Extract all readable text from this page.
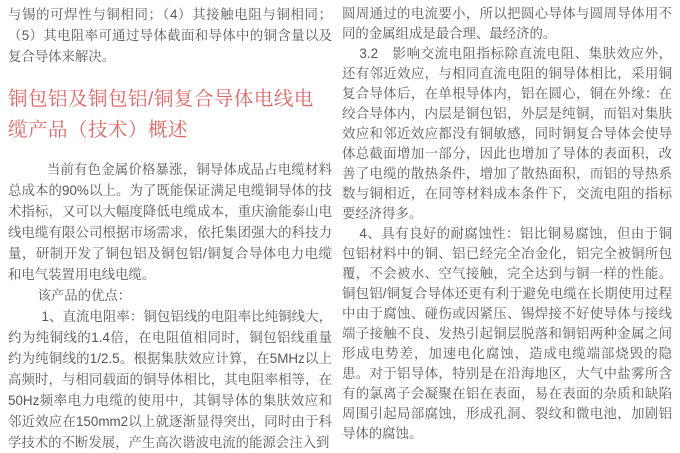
与锡的可焊性与铜相同；（4）其接触电阻与铜相同；（5）其电阻率可通过导体截面和导体中的铜含量以及复合导体来解决。

铜包铝及铜包铝/铜复合导体电线电缆产品（技术）概述

当前有色金属价格暴涨，铜导体成品占电缆材料总成本的90%以上。为了既能保证满足电缆铜导体的技术指标，又可以大幅度降低电缆成本，重庆渝能泰山电线电缆有限公司根据市场需求，依托集团强大的科技力量，研制开发了铜包铝及铜包铝/铜复合导体电力电缆和电气装置用电线电缆。

该产品的优点：

1、直流电阻率：铜包铝线的电阻率比纯铜线大，约为纯铜线的1.4倍，在电阻值相同时，铜包铝线重量约为纯铜线的1/2.5。根据集肤效应计算，在5MHz以上高频时，与相同载面的铜导体相比，其电阻率相等，在50Hz频率电力电缆的使用中，其铜导体的集肤效应和邻近效应在150mm2以上就逐渐显得突出，同时由于科学技术的不断发展，产生高次谐波电流的能源会注入到

圆周通过的电流要小，所以把圆心导体与圆周导体用不同的金属组成是最合理、最经济的。

3.2　影响交流电阻指标除直流电阻、集肤效应外，还有邻近效应，与相同直流电阻的铜导体相比，采用铜复合导体后，在单根导体内，铝在圆心，铜在外缘：在绞合导体内，内层是铜包铝，外层是纯铜，而铝对集肤效应和邻近效应都没有铜敏感，同时铜复合导体会使导体总截面增加一部分，因此也增加了导体的表面积，改善了电缆的散热条件，增加了散热面积，而铝的导热系数与铜相近，在同等材料成本条件下，交流电阻的指标要经济得多。

4、具有良好的耐腐蚀性：铝比铜易腐蚀，但由于铜包铝材料中的铜、铝已经完全冶金化，铝完全被铜所包覆，不会被水、空气接触，完全达到与铜一样的性能。铜包铝/铜复合导体还更有利于避免电缆在长期使用过程中由于腐蚀、碰伤或因紧压、锡焊接不好使导体与接线端子接触不良、发热引起铜层脱落和铜铝两种金属之间形成电势差，加速电化腐蚀，造成电缆端部烧毁的隐患。对于铝导体，特别是在沿海地区，大气中盐雾所含有的氯离子会凝聚在铝在表面，易在表面的杂质和缺陷周围引起局部腐蚀，形成孔洞、裂纹和微电池，加剧铝导体的腐蚀。
